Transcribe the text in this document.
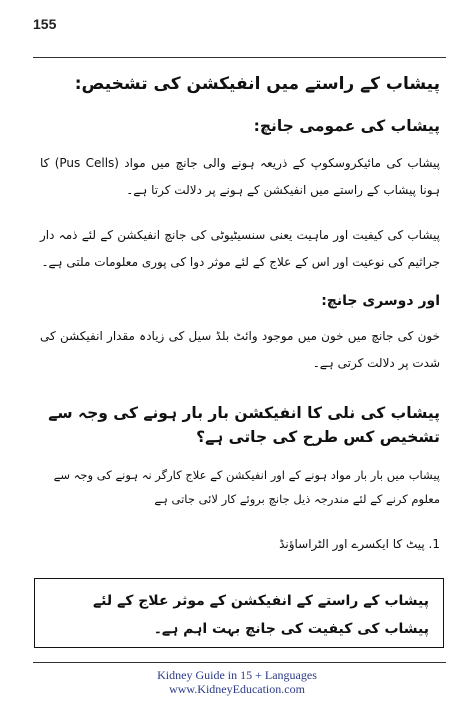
155
پیشاب کے راستے میں انفیکشن کی تشخیص:
پیشاب کی عمومی جانچ:
پیشاب کی مائیکروسکوپ کے ذریعہ ہونے والی جانچ میں مواد (Pus Cells) کا ہونا پیشاب کے راستے میں انفیکشن کے ہونے پر دلالت کرتا ہے۔
پیشاب کی کیفیت اور ماہیت یعنی سنسیٹیوٹی کی جانچ انفیکشن کے لئے ذمہ دار جراثیم کی نوعیت اور اس کے علاج کے لئے موثر دوا کی پوری معلومات ملتی ہے۔
اور دوسری جانچ:
خون کی جانچ میں خون میں موجود وائٹ بلڈ سیل کی زیادہ مقدار انفیکشن کی شدت پر دلالت کرتی ہے۔
پیشاب کی نلی کا انفیکشن بار بار ہونے کی وجہ سے تشخیص کس طرح کی جاتی ہے؟
پیشاب میں بار بار مواد ہونے کے اور انفیکشن کے علاج کارگر نہ ہونے کی وجہ سے معلوم کرنے کے لئے مندرجہ ذیل جانچ بروئے کار لائی جاتی ہے
1. پیٹ کا ایکسرے اور الٹراساؤنڈ
پیشاب کے راستے کے انفیکشن کے موثر علاج کے لئے پیشاب کی کیفیت کی جانچ بہت اہم ہے۔
Kidney Guide in 15 + Languages
www.KidneyEducation.com
